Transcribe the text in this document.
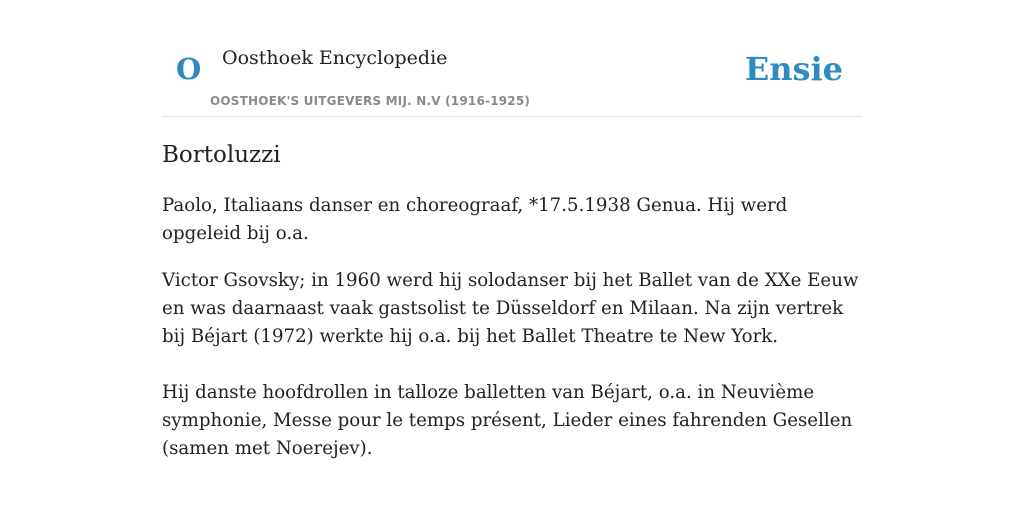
O Oosthoek Encyclopedie
OOSTHOEK'S UITGEVERS MIJ. N.V (1916-1925)
Ensie
Bortoluzzi

Paolo, Italiaans danser en choreograaf, *17.5.1938 Genua. Hij werd opgeleid bij o.a.

Victor Gsovsky; in 1960 werd hij solodanser bij het Ballet van de XXe Eeuw en was daarnaast vaak gastsolist te Düsseldorf en Milaan. Na zijn vertrek bij Béjart (1972) werkte hij o.a. bij het Ballet Theatre te New York.

Hij danste hoofdrollen in talloze balletten van Béjart, o.a. in Neuvième symphonie, Messe pour le temps présent, Lieder eines fahrenden Gesellen (samen met Noerejev).
